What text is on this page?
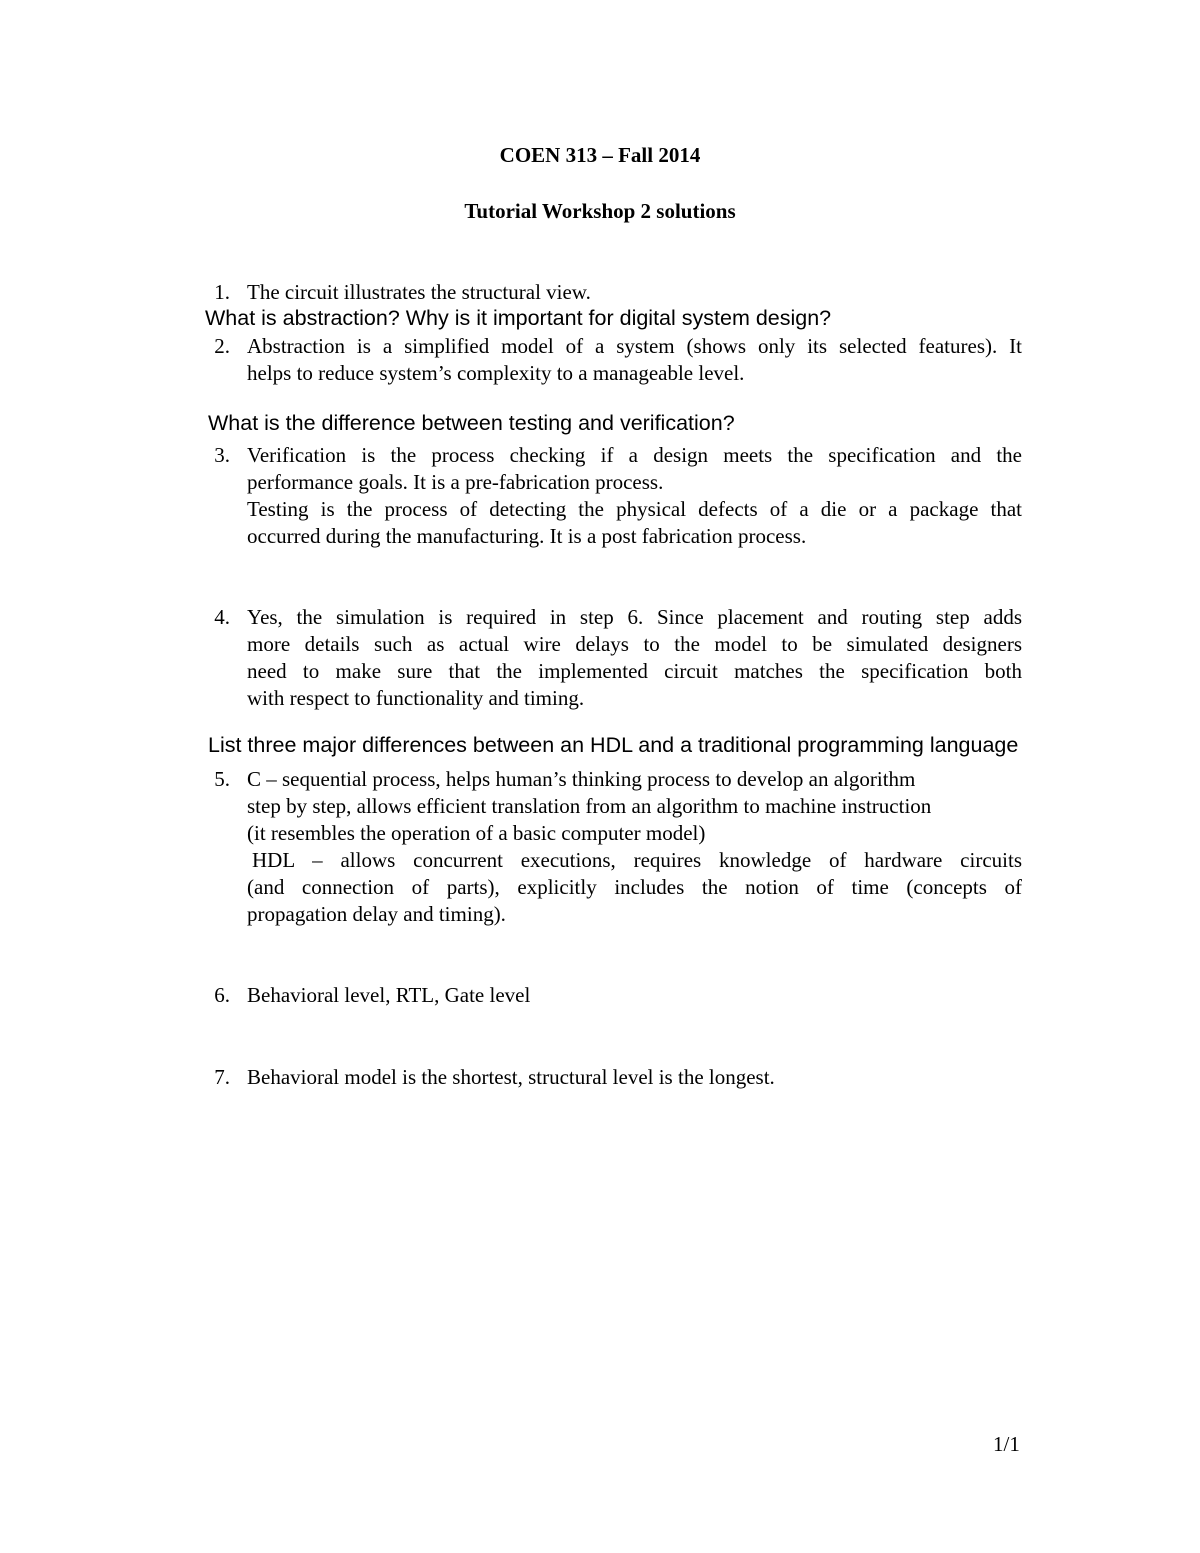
COEN 313 – Fall 2014
Tutorial Workshop 2 solutions
1. The circuit illustrates the structural view.
What is abstraction? Why is it important for digital system design?
2. Abstraction is a simplified model of a system (shows only its selected features). It
helps to reduce system’s complexity to a manageable level.
What is the difference between testing and verification?
3. Verification is the process checking if a design meets the specification and the
performance goals. It is a pre-fabrication process.
Testing is the process of detecting the physical defects of a die or a package that
occurred during the manufacturing. It is a post fabrication process.
4. Yes, the simulation is required in step 6. Since placement and routing step adds
more details such as actual wire delays to the model to be simulated designers
need to make sure that the implemented circuit matches the specification both
with respect to functionality and timing.
List three major differences between an HDL and a traditional programming language
5. C – sequential process, helps human’s thinking process to develop an algorithm
step by step, allows efficient translation from an algorithm to machine instruction
(it resembles the operation of a basic computer model)
HDL – allows concurrent executions, requires knowledge of hardware circuits
(and connection of parts), explicitly includes the notion of time (concepts of
propagation delay and timing).
6. Behavioral level, RTL, Gate level
7. Behavioral model is the shortest, structural level is the longest.
1/1
